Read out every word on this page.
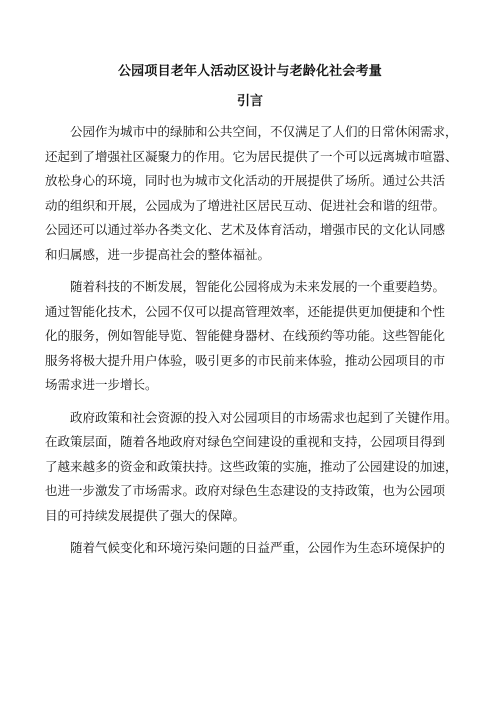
公园项目老年人活动区设计与老龄化社会考量
引言
公园作为城市中的绿肺和公共空间，不仅满足了人们的日常休闲需求，
还起到了增强社区凝聚力的作用。它为居民提供了一个可以远离城市喧嚣、
放松身心的环境，同时也为城市文化活动的开展提供了场所。通过公共活
动的组织和开展，公园成为了增进社区居民互动、促进社会和谐的纽带。
公园还可以通过举办各类文化、艺术及体育活动，增强市民的文化认同感
和归属感，进一步提高社会的整体福祉。
随着科技的不断发展，智能化公园将成为未来发展的一个重要趋势。
通过智能化技术，公园不仅可以提高管理效率，还能提供更加便捷和个性
化的服务，例如智能导览、智能健身器材、在线预约等功能。这些智能化
服务将极大提升用户体验，吸引更多的市民前来体验，推动公园项目的市
场需求进一步增长。
政府政策和社会资源的投入对公园项目的市场需求也起到了关键作用。
在政策层面，随着各地政府对绿色空间建设的重视和支持，公园项目得到
了越来越多的资金和政策扶持。这些政策的实施，推动了公园建设的加速，
也进一步激发了市场需求。政府对绿色生态建设的支持政策，也为公园项
目的可持续发展提供了强大的保障。
随着气候变化和环境污染问题的日益严重，公园作为生态环境保护的
